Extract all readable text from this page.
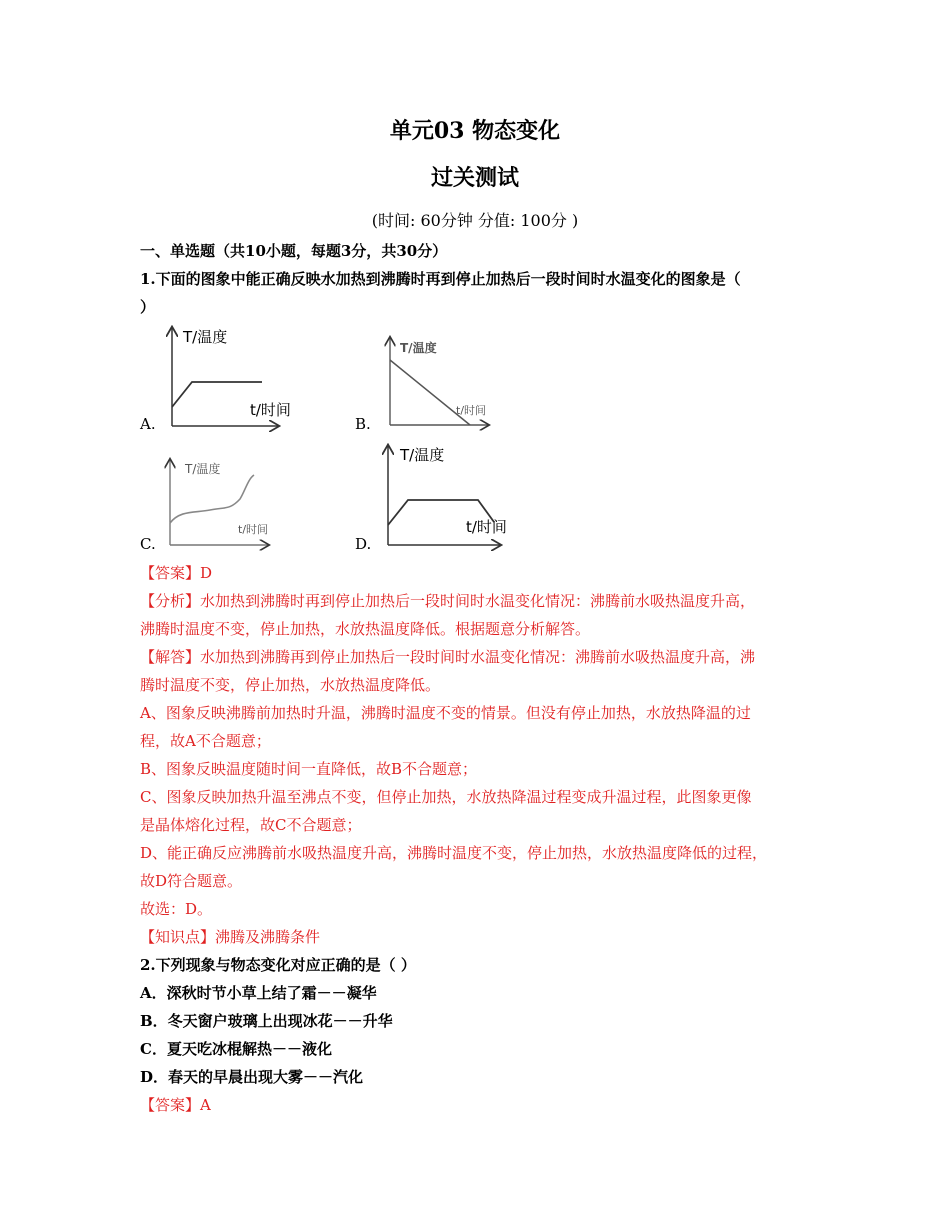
单元03 物态变化
过关测试
(时间: 60分钟 分值: 100分 )
一、单选题（共10小题，每题3分，共30分）
1.下面的图象中能正确反映水加热到沸腾时再到停止加热后一段时间时水温变化的图象是（
）
A.
T/温度
t/时间
B.
T/温度
t/时间
C.
T/温度
t/时间
D.
T/温度
t/时间
【答案】D
【分析】水加热到沸腾时再到停止加热后一段时间时水温变化情况：沸腾前水吸热温度升高，
沸腾时温度不变，停止加热，水放热温度降低。根据题意分析解答。
【解答】水加热到沸腾再到停止加热后一段时间时水温变化情况：沸腾前水吸热温度升高，沸
腾时温度不变，停止加热，水放热温度降低。
A、图象反映沸腾前加热时升温，沸腾时温度不变的情景。但没有停止加热，水放热降温的过
程，故A不合题意；
B、图象反映温度随时间一直降低，故B不合题意；
C、图象反映加热升温至沸点不变，但停止加热，水放热降温过程变成升温过程，此图象更像
是晶体熔化过程，故C不合题意；
D、能正确反应沸腾前水吸热温度升高，沸腾时温度不变，停止加热，水放热温度降低的过程，
故D符合题意。
故选：D。
【知识点】沸腾及沸腾条件
2.下列现象与物态变化对应正确的是（ ）
A．深秋时节小草上结了霜－－凝华
B．冬天窗户玻璃上出现冰花－－升华
C．夏天吃冰棍解热－－液化
D．春天的早晨出现大雾－－汽化
【答案】A
